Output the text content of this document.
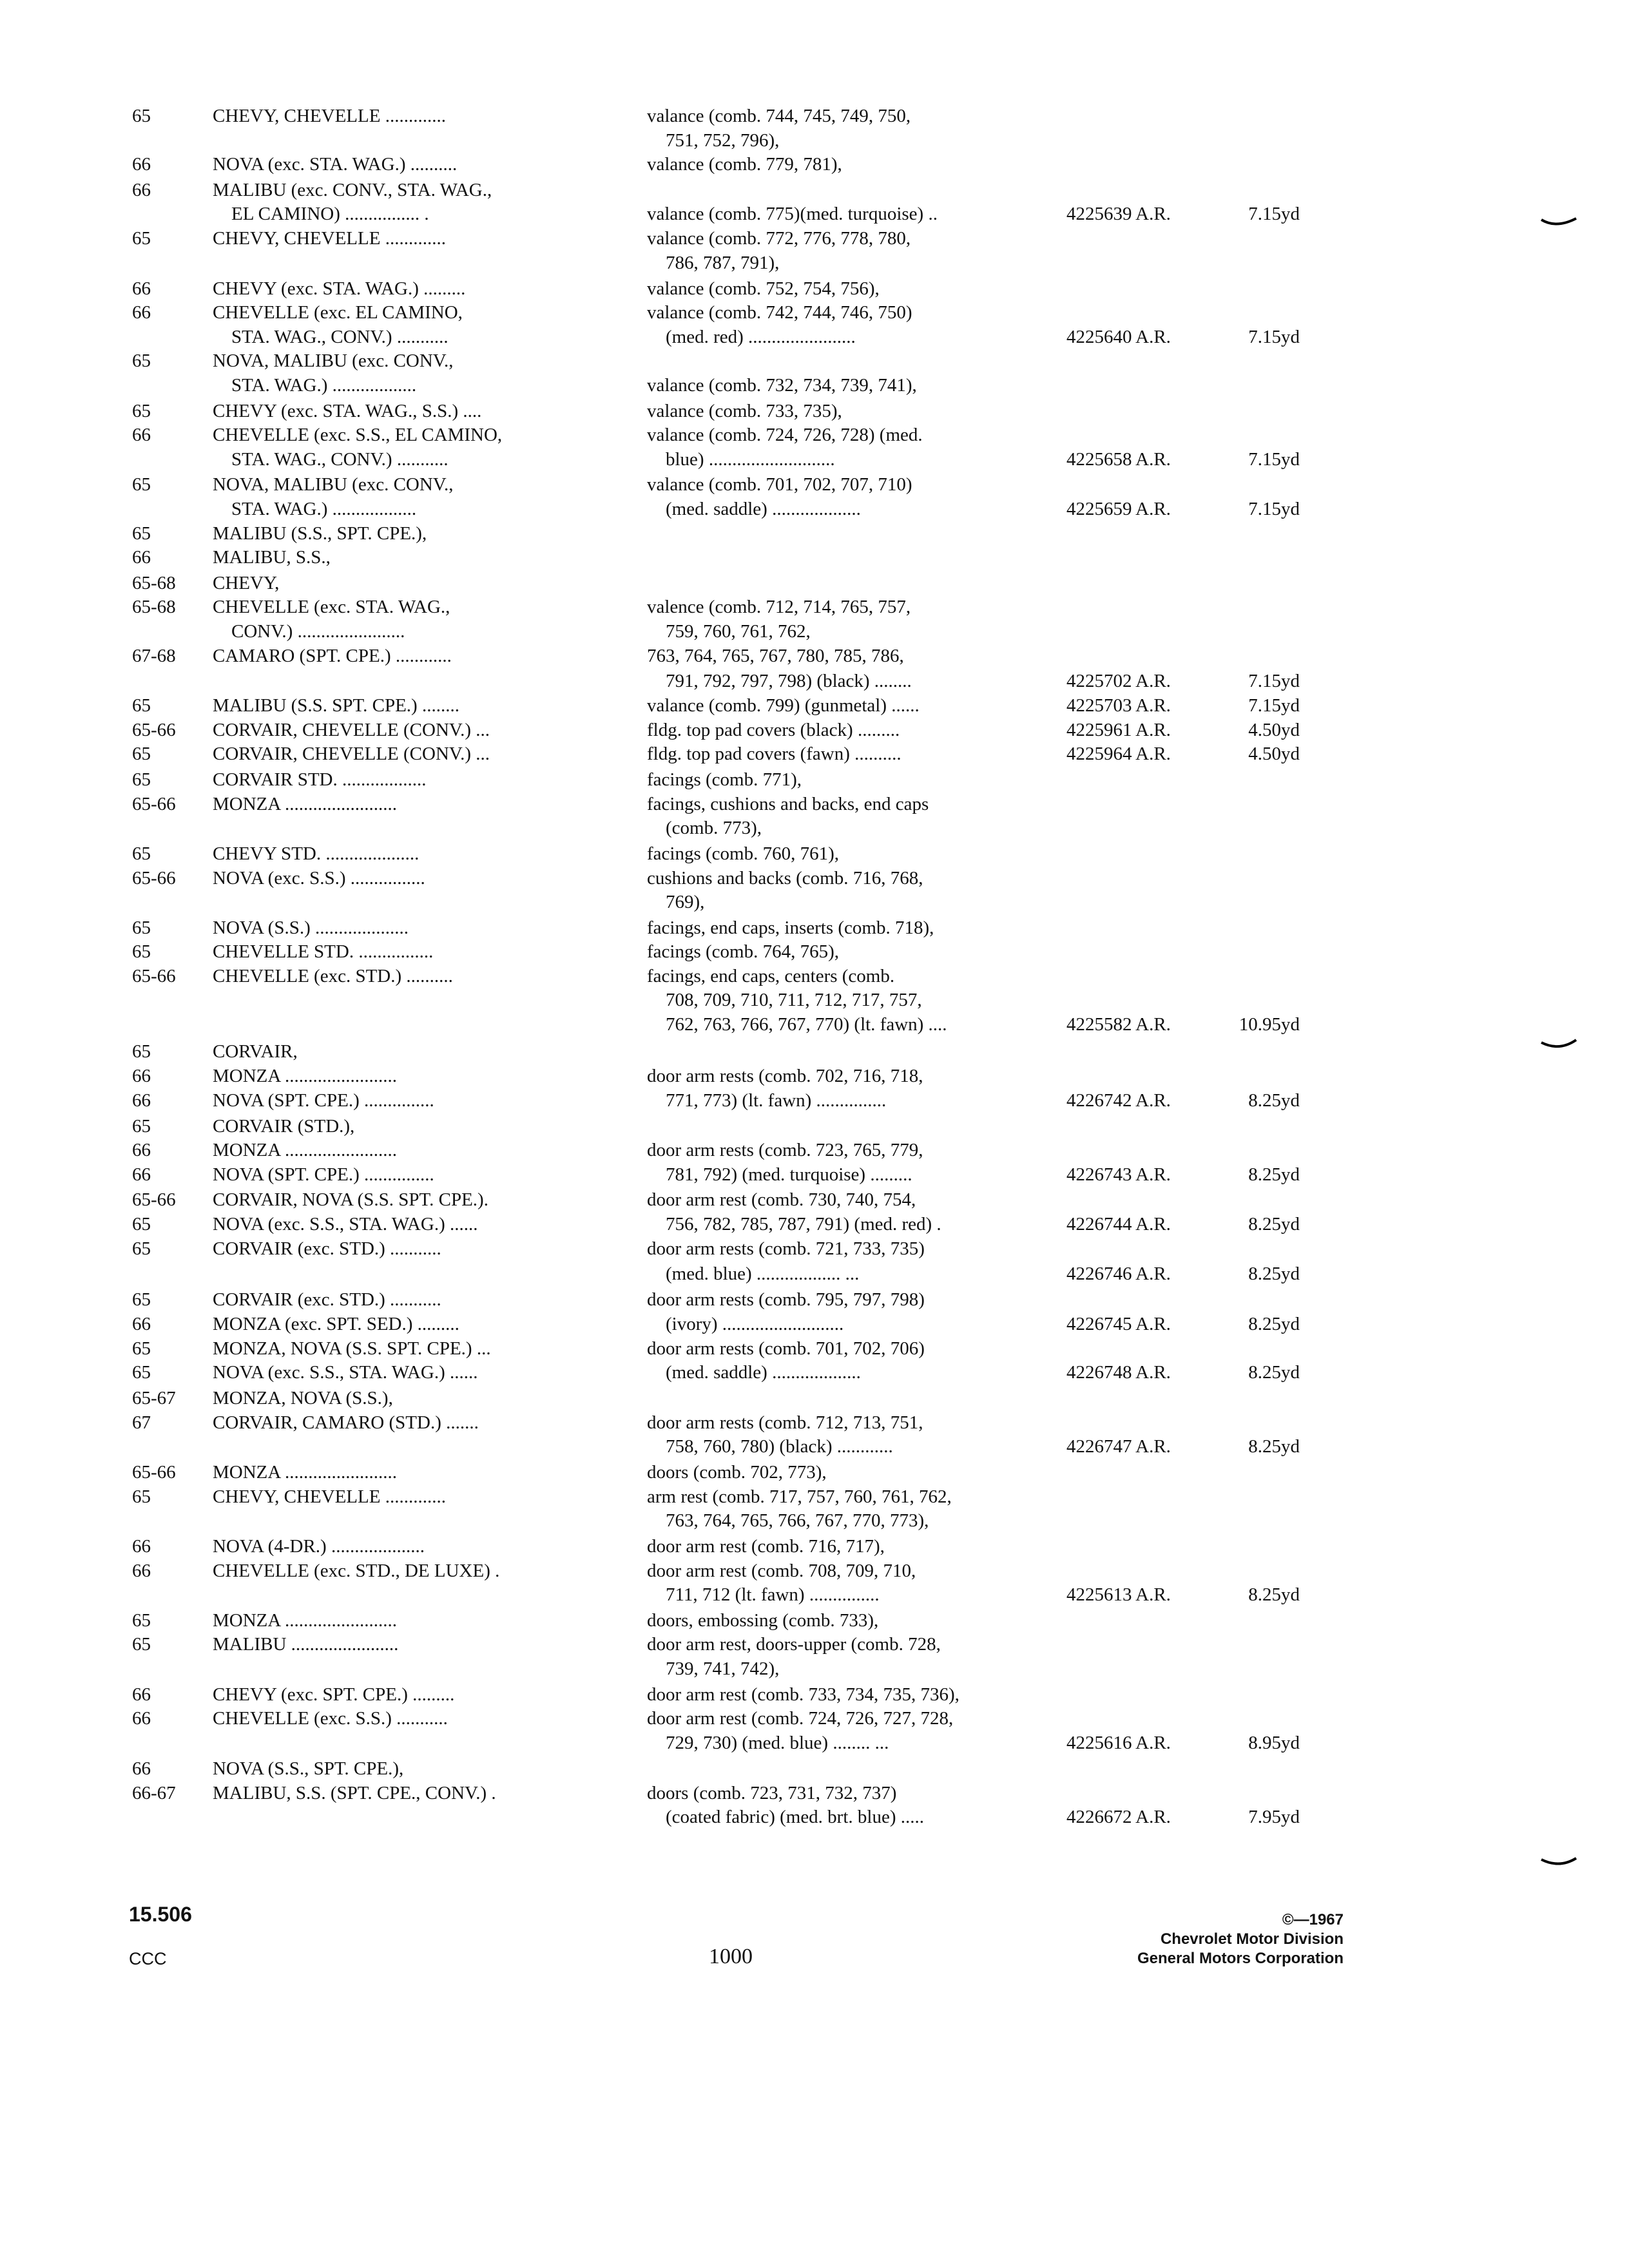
65	CHEVY, CHEVELLE .............	valance (comb. 744, 745, 749, 750,
751, 752, 796),
66	NOVA (exc. STA. WAG.) ..........	valance (comb. 779, 781),
66	MALIBU (exc. CONV., STA. WAG.,
EL CAMINO) ................ .	valance (comb. 775)(med. turquoise) ..	4225639 A.R.	7.15yd
65	CHEVY, CHEVELLE .............	valance (comb. 772, 776, 778, 780,
786, 787, 791),
66	CHEVY (exc. STA. WAG.) .........	valance (comb. 752, 754, 756),
66	CHEVELLE (exc. EL CAMINO,	valance (comb. 742, 744, 746, 750)
STA. WAG., CONV.) ...........	(med. red) .......................	4225640 A.R.	7.15yd
65	NOVA, MALIBU (exc. CONV.,
STA. WAG.) ..................	valance (comb. 732, 734, 739, 741),
65	CHEVY (exc. STA. WAG., S.S.) ....	valance (comb. 733, 735),
66	CHEVELLE (exc. S.S., EL CAMINO,	valance (comb. 724, 726, 728) (med.
STA. WAG., CONV.) ...........	blue) ...........................	4225658 A.R.	7.15yd
65	NOVA, MALIBU (exc. CONV.,	valance (comb. 701, 702, 707, 710)
STA. WAG.) ..................	(med. saddle) ...................	4225659 A.R.	7.15yd
65	MALIBU (S.S., SPT. CPE.),
66	MALIBU, S.S.,
65-68 CHEVY,
65-68 CHEVELLE (exc. STA. WAG.,	valence (comb. 712, 714, 765, 757,
CONV.) .......................	759, 760, 761, 762,
67-68 CAMARO (SPT. CPE.) ............	763, 764, 765, 767, 780, 785, 786,
791, 792, 797, 798) (black) ........	4225702 A.R.	7.15yd
65	MALIBU (S.S. SPT. CPE.) ........	valance (comb. 799) (gunmetal) ......	4225703 A.R.	7.15yd
65-66 CORVAIR, CHEVELLE (CONV.) ...	fldg. top pad covers (black) .........	4225961 A.R.	4.50yd
65	CORVAIR, CHEVELLE (CONV.) ...	fldg. top pad covers (fawn) ..........	4225964 A.R.	4.50yd
65	CORVAIR STD. ..................	facings (comb. 771),
65-66 MONZA ........................	facings, cushions and backs, end caps
(comb. 773),
65	CHEVY STD. ....................	facings (comb. 760, 761),
65-66 NOVA (exc. S.S.) ................	cushions and backs (comb. 716, 768,
769),
65	NOVA (S.S.) ....................	facings, end caps, inserts (comb. 718),
65	CHEVELLE STD. ................	facings (comb. 764, 765),
65-66 CHEVELLE (exc. STD.) ..........	facings, end caps, centers (comb.
708, 709, 710, 711, 712, 717, 757,
762, 763, 766, 767, 770) (lt. fawn) ....	4225582 A.R.	10.95yd
65	CORVAIR,
66	MONZA ........................	door arm rests (comb. 702, 716, 718,
66	NOVA (SPT. CPE.) ...............	771, 773) (lt. fawn) ...............	4226742 A.R.	8.25yd
65	CORVAIR (STD.),
66	MONZA ........................	door arm rests (comb. 723, 765, 779,
66	NOVA (SPT. CPE.) ...............	781, 792) (med. turquoise) .........	4226743 A.R.	8.25yd
65-66 CORVAIR, NOVA (S.S. SPT. CPE.).	door arm rest (comb. 730, 740, 754,
65	NOVA (exc. S.S., STA. WAG.) ......	756, 782, 785, 787, 791) (med. red) .	4226744 A.R.	8.25yd
65	CORVAIR (exc. STD.) ...........	door arm rests (comb. 721, 733, 735)
(med. blue) .................. ...	4226746 A.R.	8.25yd
65	CORVAIR (exc. STD.) ...........	door arm rests (comb. 795, 797, 798)
66	MONZA (exc. SPT. SED.) .........	(ivory) ..........................	4226745 A.R.	8.25yd
65	MONZA, NOVA (S.S. SPT. CPE.) ...	door arm rests (comb. 701, 702, 706)
65	NOVA (exc. S.S., STA. WAG.) ......	(med. saddle) ...................	4226748 A.R.	8.25yd
65-67 MONZA, NOVA (S.S.),
67	CORVAIR, CAMARO (STD.) .......	door arm rests (comb. 712, 713, 751,
758, 760, 780) (black) ............	4226747 A.R.	8.25yd
65-66 MONZA ........................	doors (comb. 702, 773),
65	CHEVY, CHEVELLE .............	arm rest (comb. 717, 757, 760, 761, 762,
763, 764, 765, 766, 767, 770, 773),
66	NOVA (4-DR.) ....................	door arm rest (comb. 716, 717),
66	CHEVELLE (exc. STD., DE LUXE) .	door arm rest (comb. 708, 709, 710,
711, 712 (lt. fawn) ...............	4225613 A.R.	8.25yd
65	MONZA ........................	doors, embossing (comb. 733),
65	MALIBU .......................	door arm rest, doors-upper (comb. 728,
739, 741, 742),
66	CHEVY (exc. SPT. CPE.) .........	door arm rest (comb. 733, 734, 735, 736),
66	CHEVELLE (exc. S.S.) ...........	door arm rest (comb. 724, 726, 727, 728,
729, 730) (med. blue) ........ ...	4225616 A.R.	8.95yd
66	NOVA (S.S., SPT. CPE.),
66-67 MALIBU, S.S. (SPT. CPE., CONV.) .	doors (comb. 723, 731, 732, 737)
(coated fabric) (med. brt. blue) .....	4226672 A.R.	7.95yd
15.506
CCC	1000
©—1967
Chevrolet Motor Division
General Motors Corporation
